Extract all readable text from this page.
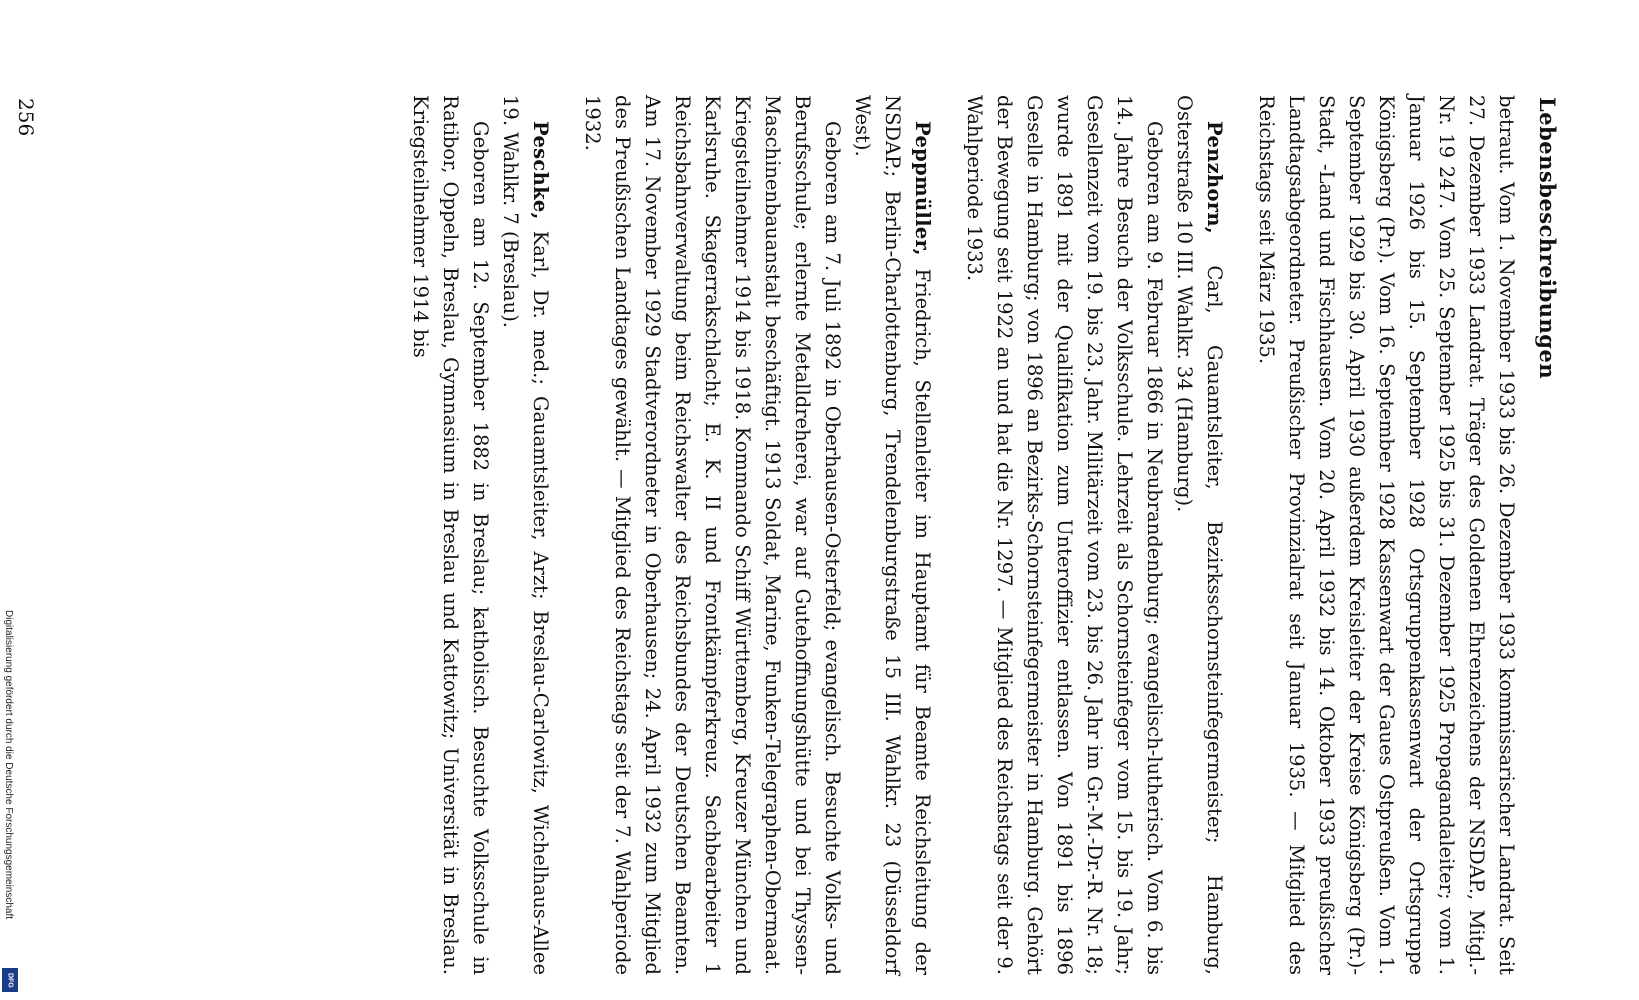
Lebensbeschreibungen

betraut. Vom 1. November 1933 bis 26. Dezember 1933 kommissarischer Landrat. Seit 27. Dezember 1933 Landrat. Träger des Goldenen Ehrenzeichens der NSDAP., Mitgl.-Nr. 19 247. Vom 25. September 1925 bis 31. Dezember 1925 Propagandaleiter; vom 1. Januar 1926 bis 15. September 1928 Ortsgruppenkassenwart der Ortsgruppe Königsberg (Pr.). Vom 16. September 1928 Kassenwart der Gaues Ostpreußen. Vom 1. September 1929 bis 30. April 1930 außerdem Kreisleiter der Kreise Königsberg (Pr.)-Stadt, -Land und Fischhausen. Vom 20. April 1932 bis 14. Oktober 1933 preußischer Landtagsabgeordneter. Preußischer Provinzialrat seit Januar 1935. — Mitglied des Reichstags seit März 1935.

Penzhorn, Carl, Gauamtsleiter, Bezirksschornsteinfegermeister; Hamburg, Osterstraße 10 III. Wahlkr. 34 (Hamburg).

Geboren am 9. Februar 1866 in Neubrandenburg; evangelisch-lutherisch. Vom 6. bis 14. Jahre Besuch der Volksschule. Lehrzeit als Schornsteinfeger vom 15. bis 19. Jahr; Gesellenzeit vom 19. bis 23. Jahr. Militärzeit vom 23. bis 26. Jahr im Gr.-M.-Dr.-R. Nr. 18; wurde 1891 mit der Qualifikation zum Unteroffizier entlassen. Von 1891 bis 1896 Geselle in Hamburg; von 1896 an Bezirks-Schornsteinfegermeister in Hamburg. Gehört der Bewegung seit 1922 an und hat die Nr. 1297. — Mitglied des Reichstags seit der 9. Wahlperiode 1933.

Peppmüller, Friedrich, Stellenleiter im Hauptamt für Beamte Reichsleitung der NSDAP.; Berlin-Charlottenburg, Trendelenburgstraße 15 III. Wahlkr. 23 (Düsseldorf West).

Geboren am 7. Juli 1892 in Oberhausen-Osterfeld; evangelisch. Besuchte Volks- und Berufsschule; erlernte Metalldreherei, war auf Gutehoffnungshütte und bei Thyssen-Maschinenbauanstalt beschäftigt. 1913 Soldat, Marine, Funken-Telegraphen-Obermaat. Kriegsteilnehmer 1914 bis 1918. Kommando Schiff Württemberg, Kreuzer München und Karlsruhe. Skagerrakschlacht; E. K. II und Frontkämpferkreuz. Sachbearbeiter 1 Reichsbahnverwaltung beim Reichswalter des Reichsbundes der Deutschen Beamten. Am 17. November 1929 Stadtverordneter in Oberhausen; 24. April 1932 zum Mitglied des Preußischen Landtages gewählt. — Mitglied des Reichstags seit der 7. Wahlperiode 1932.

Peschke, Karl, Dr. med.; Gauamtsleiter, Arzt; Breslau-Carlowitz, Wichelhaus-Allee 19. Wahlkr. 7 (Breslau).

Geboren am 12. September 1882 in Breslau; katholisch. Besuchte Volksschule in Ratibor, Oppeln, Breslau, Gymnasium in Breslau und Kattowitz; Universität in Breslau. Kriegsteilnehmer 1914 bis

256
Digitalisierung gefördert durch die Deutsche Forschungsgemeinschaft
DFG
